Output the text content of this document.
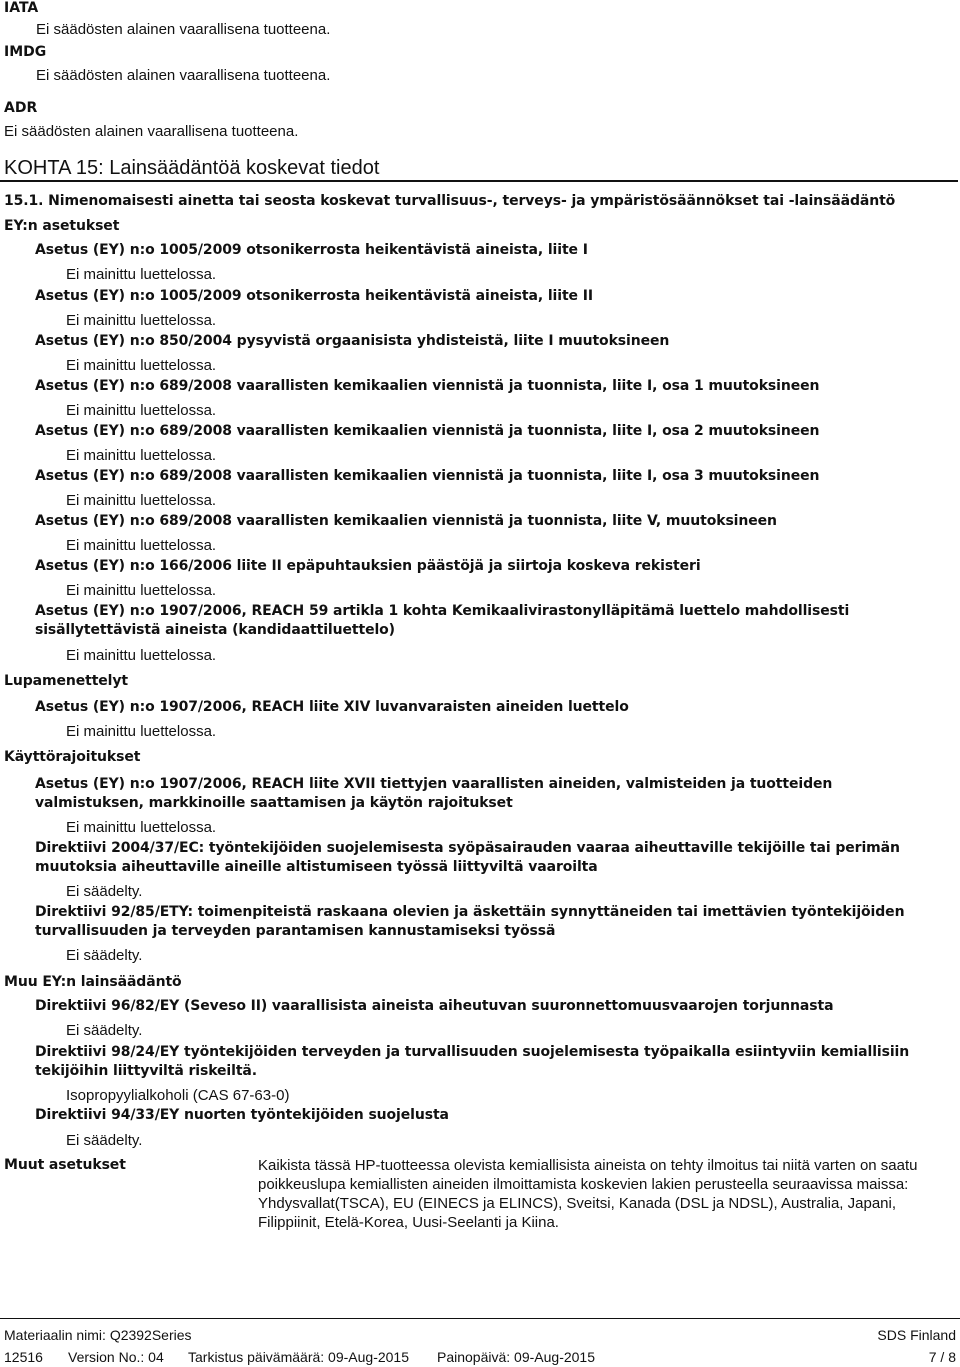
IATA
Ei säädösten alainen vaarallisena tuotteena.
IMDG
Ei säädösten alainen vaarallisena tuotteena.
ADR
Ei säädösten alainen vaarallisena tuotteena.
KOHTA 15: Lainsäädäntöä koskevat tiedot
15.1. Nimenomaisesti ainetta tai seosta koskevat turvallisuus-, terveys- ja ympäristösäännökset tai -lainsäädäntö
EY:n asetukset
Asetus (EY) n:o 1005/2009 otsonikerrosta heikentävistä aineista, liite I
Ei mainittu luettelossa.
Asetus (EY) n:o 1005/2009 otsonikerrosta heikentävistä aineista, liite II
Ei mainittu luettelossa.
Asetus (EY) n:o 850/2004 pysyvistä orgaanisista yhdisteistä, liite I muutoksineen
Ei mainittu luettelossa.
Asetus (EY) n:o 689/2008 vaarallisten kemikaalien viennistä ja tuonnista, liite I, osa 1 muutoksineen
Ei mainittu luettelossa.
Asetus (EY) n:o 689/2008 vaarallisten kemikaalien viennistä ja tuonnista, liite I, osa 2 muutoksineen
Ei mainittu luettelossa.
Asetus (EY) n:o 689/2008 vaarallisten kemikaalien viennistä ja tuonnista, liite I, osa 3 muutoksineen
Ei mainittu luettelossa.
Asetus (EY) n:o 689/2008 vaarallisten kemikaalien viennistä ja tuonnista, liite V, muutoksineen
Ei mainittu luettelossa.
Asetus (EY) n:o 166/2006 liite II epäpuhtauksien päästöjä ja siirtoja koskeva rekisteri
Ei mainittu luettelossa.
Asetus (EY) n:o 1907/2006, REACH 59 artikla 1 kohta Kemikaalivirastonylläpitämä luettelo mahdollisesti sisällytettävistä aineista (kandidaattiluettelo)
Ei mainittu luettelossa.
Lupamenettelyt
Asetus (EY) n:o 1907/2006, REACH liite XIV luvanvaraisten aineiden luettelo
Ei mainittu luettelossa.
Käyttörajoitukset
Asetus (EY) n:o 1907/2006, REACH liite XVII tiettyjen vaarallisten aineiden, valmisteiden ja tuotteiden valmistuksen, markkinoille saattamisen ja käytön rajoitukset
Ei mainittu luettelossa.
Direktiivi 2004/37/EC: työntekijöiden suojelemisesta syöpäsairauden vaaraa aiheuttaville tekijöille tai perimän muutoksia aiheuttaville aineille altistumiseen työssä liittyviltä vaaroilta
Ei säädelty.
Direktiivi 92/85/ETY: toimenpiteistä raskaana olevien ja äskettäin synnyttäneiden tai imettävien työntekijöiden turvallisuuden ja terveyden parantamisen kannustamiseksi työssä
Ei säädelty.
Muu EY:n lainsäädäntö
Direktiivi 96/82/EY (Seveso II) vaarallisista aineista aiheutuvan suuronnettomuusvaarojen torjunnasta
Ei säädelty.
Direktiivi 98/24/EY työntekijöiden terveyden ja turvallisuuden suojelemisesta työpaikalla esiintyviin kemiallisiin tekijöihin liittyviltä riskeiltä.
Isopropyylialkoholi (CAS 67-63-0)
Direktiivi 94/33/EY nuorten työntekijöiden suojelusta
Ei säädelty.
Muut asetukset	Kaikista tässä HP-tuotteessa olevista kemiallisista aineista on tehty ilmoitus tai niitä varten on saatu poikkeuslupa kemiallisten aineiden ilmoittamista koskevien lakien perusteella seuraavissa maissa: Yhdysvallat(TSCA), EU (EINECS ja ELINCS), Sveitsi, Kanada (DSL ja NDSL), Australia, Japani, Filippiinit, Etelä-Korea, Uusi-Seelanti ja Kiina.
Materiaalin nimi: Q2392Series	SDS Finland
12516 Version No.: 04 Tarkistus päivämäärä: 09-Aug-2015 Painopäivä: 09-Aug-2015	7 / 8
